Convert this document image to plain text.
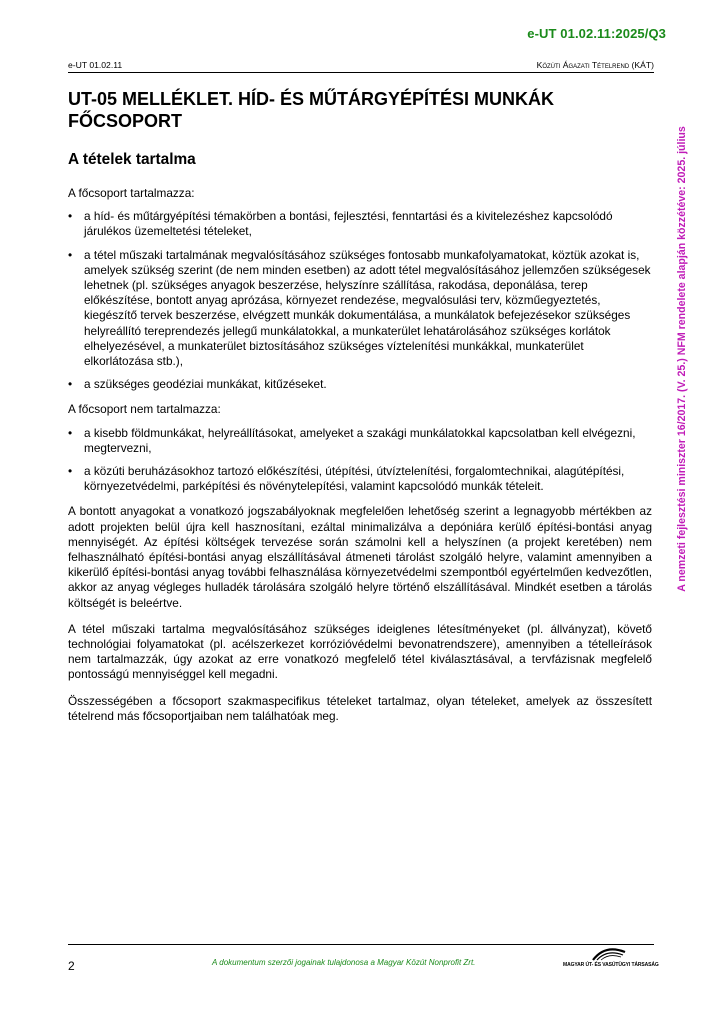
e-UT 01.02.11:2025/Q3
e-UT 01.02.11	Közúti Ágazati Tételrend (KÁT)
A nemzeti fejlesztési miniszter 16/2017. (V. 25.) NFM rendelete alapján közzétéve: 2025. július
UT-05 MELLÉKLET. HÍD- ÉS MŰTÁRGYÉPÍTÉSI MUNKÁK FŐCSOPORT
A tételek tartalma

A főcsoport tartalmazza:

• a híd- és műtárgyépítési témakörben a bontási, fejlesztési, fenntartási és a kivitelezéshez kapcsolódó járulékos üzemeltetési tételeket,
• a tétel műszaki tartalmának megvalósításához szükséges fontosabb munkafolyamatokat, köztük azokat is, amelyek szükség szerint (de nem minden esetben) az adott tétel megvalósításához jellemzően szükségesek lehetnek (pl. szükséges anyagok beszerzése, helyszínre szállítása, rakodása, deponálása, terep előkészítése, bontott anyag aprózása, környezet rendezése, megvalósulási terv, közműegyeztetés, kiegészítő tervek beszerzése, elvégzett munkák dokumentálása, a munkálatok befejezésekor szükséges helyreállító tereprendezés jellegű munkálatokkal, a munkaterület lehatárolásához szükséges korlátok elhelyezésével, a munkaterület biztosításához szükséges víztelenítési munkákkal, munkaterület elkorlátozása stb.),
• a szükséges geodéziai munkákat, kitűzéseket.

A főcsoport nem tartalmazza:

• a kisebb földmunkákat, helyreállításokat, amelyeket a szakági munkálatokkal kapcsolatban kell elvégezni, megtervezni,
• a közúti beruházásokhoz tartozó előkészítési, útépítési, útvíztelenítési, forgalomtechnikai, alagútépítési, környezetvédelmi, parképítési és növénytelepítési, valamint kapcsolódó munkák tételeit.

A bontott anyagokat a vonatkozó jogszabályoknak megfelelően lehetőség szerint a legnagyobb mértékben az adott projekten belül újra kell hasznosítani, ezáltal minimalizálva a depóniára kerülő építési-bontási anyag mennyiségét. Az építési költségek tervezése során számolni kell a helyszínen (a projekt keretében) nem felhasználható építési-bontási anyag elszállításával átmeneti tárolást szolgáló helyre, valamint amennyiben a kikerülő építési-bontási anyag további felhasználása környezetvédelmi szempontból egyértelműen kedvezőtlen, akkor az anyag végleges hulladék tárolására szolgáló helyre történő elszállításával. Mindkét esetben a tárolás költségét is beleértve.

A tétel műszaki tartalma megvalósításához szükséges ideiglenes létesítményeket (pl. állványzat), követő technológiai folyamatokat (pl. acélszerkezet korrózióvédelmi bevonatrendszere), amennyiben a tételleírások nem tartalmazzák, úgy azokat az erre vonatkozó megfelelő tétel kiválasztásával, a tervfázisnak megfelelő pontosságú mennyiséggel kell megadni.

Összességében a főcsoport szakmaspecifikus tételeket tartalmaz, olyan tételeket, amelyek az összesített tételrend más főcsoportjaiban nem találhatóak meg.

2	A dokumentum szerzői jogainak tulajdonosa a Magyar Közút Nonprofit Zrt.	MAGYAR ÚT- ÉS VASÚTÜGYI TÁRSASÁG
